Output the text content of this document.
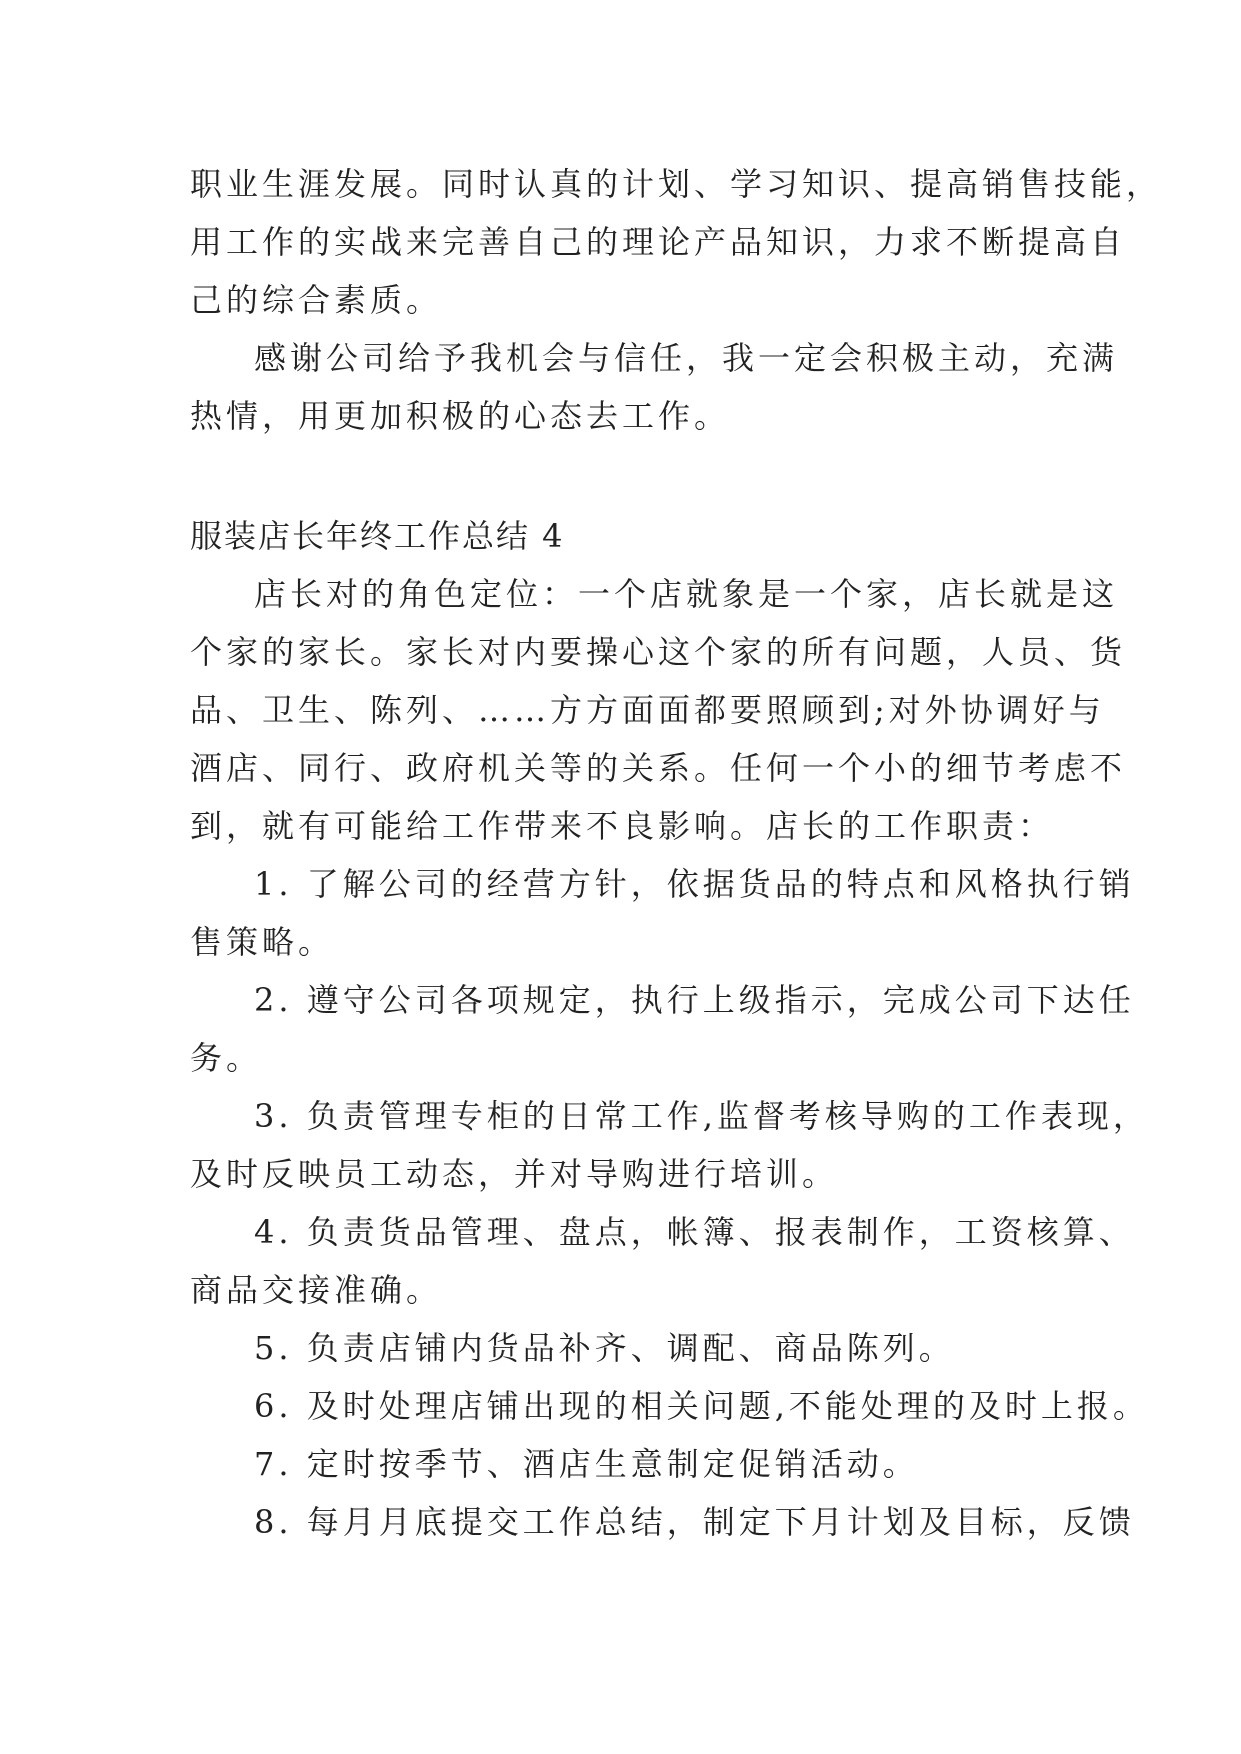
职业生涯发展。同时认真的计划、学习知识、提高销售技能，
用工作的实战来完善自己的理论产品知识，力求不断提高自
己的综合素质。
感谢公司给予我机会与信任，我一定会积极主动，充满
热情，用更加积极的心态去工作。
服装店长年终工作总结 4
店长对的角色定位：一个店就象是一个家，店长就是这
个家的家长。家长对内要操心这个家的所有问题，人员、货
品、卫生、陈列、……方方面面都要照顾到;对外协调好与
酒店、同行、政府机关等的关系。任何一个小的细节考虑不
到，就有可能给工作带来不良影响。店长的工作职责：
1. 了解公司的经营方针，依据货品的特点和风格执行销
售策略。
2. 遵守公司各项规定，执行上级指示，完成公司下达任
务。
3. 负责管理专柜的日常工作,监督考核导购的工作表现，
及时反映员工动态，并对导购进行培训。
4. 负责货品管理、盘点，帐簿、报表制作，工资核算、
商品交接准确。
5. 负责店铺内货品补齐、调配、商品陈列。
6. 及时处理店铺出现的相关问题,不能处理的及时上报。
7. 定时按季节、酒店生意制定促销活动。
8. 每月月底提交工作总结，制定下月计划及目标，反馈
